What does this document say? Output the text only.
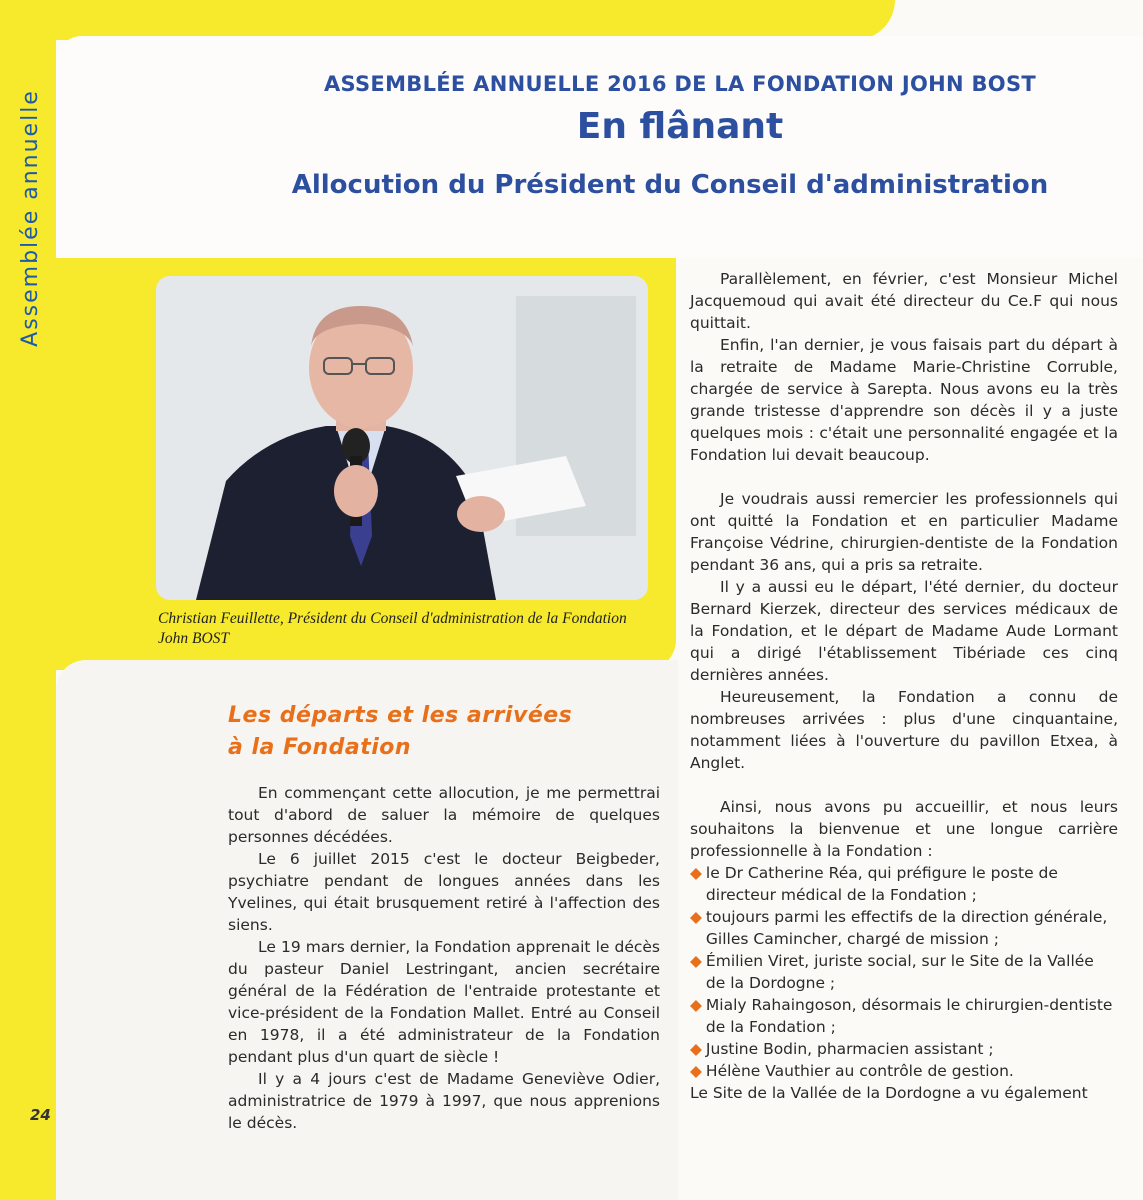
Assemblée annuelle
ASSEMBLÉE ANNUELLE 2016 DE LA FONDATION JOHN BOST
En flânant
Allocution du Président du Conseil d'administration
Christian Feuillette, Président du Conseil d'administration de la Fondation John BOST
Les départs et les arrivées
à la Fondation

En commençant cette allocution, je me permettrai tout d'abord de saluer la mémoire de quelques personnes décédées.

Le 6 juillet 2015 c'est le docteur Beigbeder, psychiatre pendant de longues années dans les Yvelines, qui était brusquement retiré à l'affection des siens.

Le 19 mars dernier, la Fondation apprenait le décès du pasteur Daniel Lestringant, ancien secrétaire général de la Fédération de l'entraide protestante et vice-président de la Fondation Mallet. Entré au Conseil en 1978, il a été administrateur de la Fondation pendant plus d'un quart de siècle !

Il y a 4 jours c'est de Madame Geneviève Odier, administratrice de 1979 à 1997, que nous apprenions le décès.

Parallèlement, en février, c'est Monsieur Michel Jacquemoud qui avait été directeur du Ce.F qui nous quittait.

Enfin, l'an dernier, je vous faisais part du départ à la retraite de Madame Marie-Christine Corruble, chargée de service à Sarepta. Nous avons eu la très grande tristesse d'apprendre son décès il y a juste quelques mois : c'était une personnalité engagée et la Fondation lui devait beaucoup.

Je voudrais aussi remercier les professionnels qui ont quitté la Fondation et en particulier Madame Françoise Védrine, chirurgien-dentiste de la Fondation pendant 36 ans, qui a pris sa retraite.

Il y a aussi eu le départ, l'été dernier, du docteur Bernard Kierzek, directeur des services médicaux de la Fondation, et le départ de Madame Aude Lormant qui a dirigé l'établissement Tibériade ces cinq dernières années.

Heureusement, la Fondation a connu de nombreuses arrivées : plus d'une cinquantaine, notamment liées à l'ouverture du pavillon Etxea, à Anglet.

Ainsi, nous avons pu accueillir, et nous leurs souhaitons la bienvenue et une longue carrière professionnelle à la Fondation :

◆ le Dr Catherine Réa, qui préfigure le poste de directeur médical de la Fondation ;
◆ toujours parmi les effectifs de la direction générale, Gilles Camincher, chargé de mission ;
◆ Émilien Viret, juriste social, sur le Site de la Vallée de la Dordogne ;
◆ Mialy Rahaingoson, désormais le chirurgien-dentiste de la Fondation ;
◆ Justine Bodin, pharmacien assistant ;
◆ Hélène Vauthier au contrôle de gestion.

Le Site de la Vallée de la Dordogne a vu également

24
